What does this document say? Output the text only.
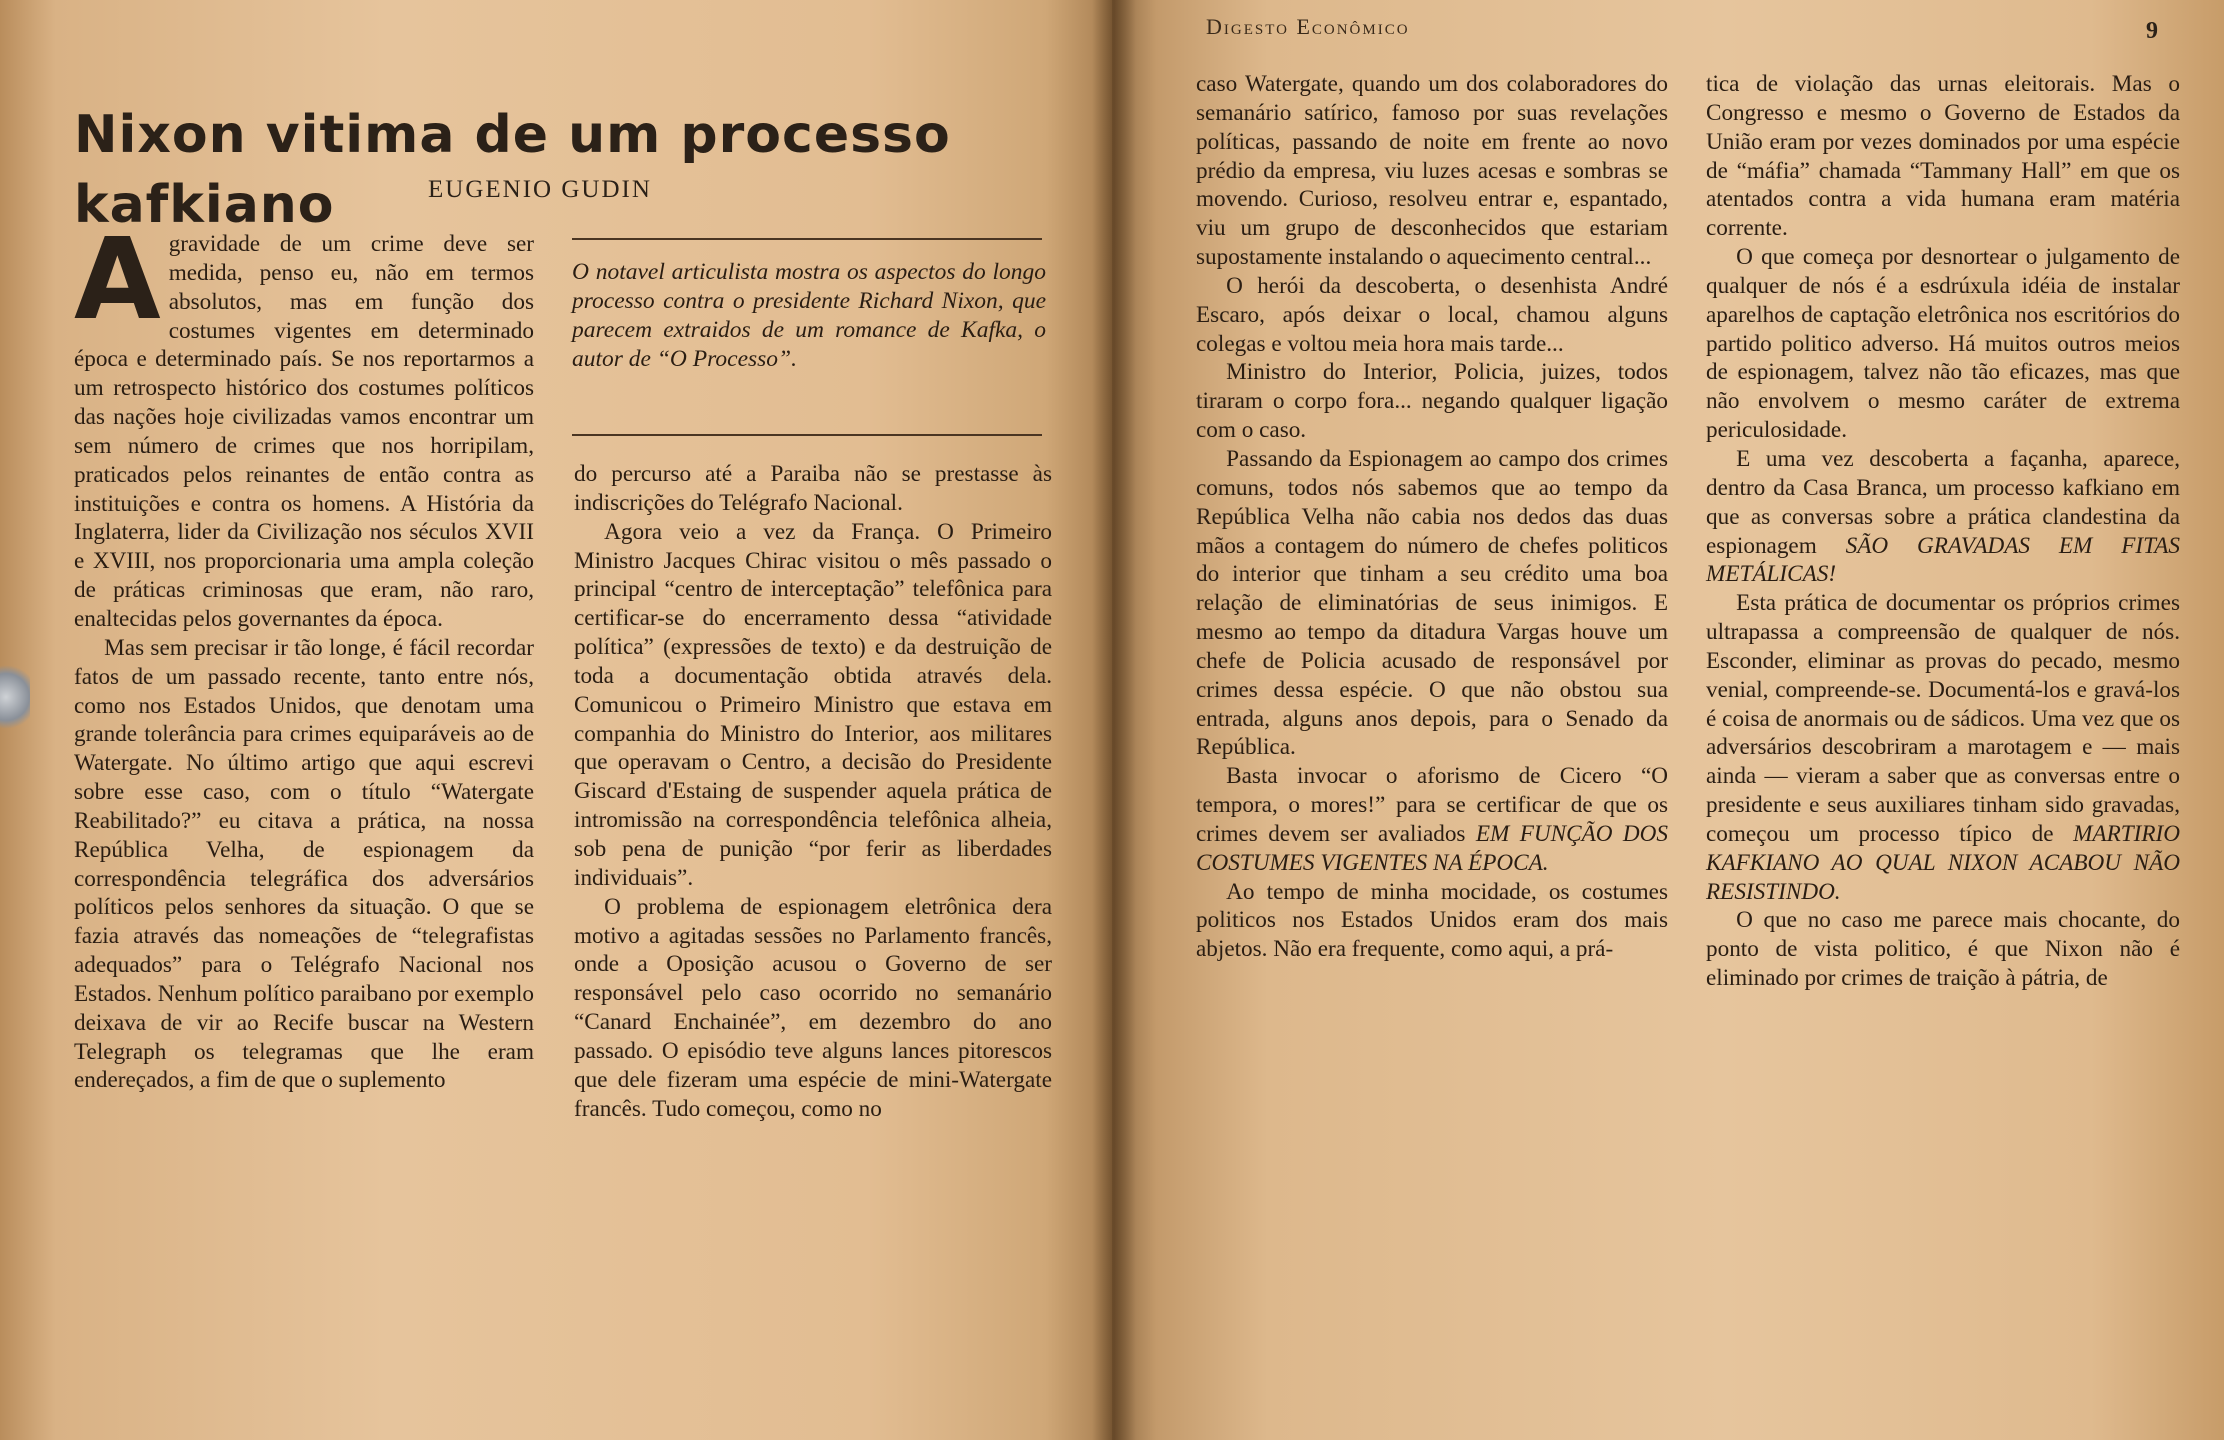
Nixon vitima de um processo kafkiano	EUGENIO GUDIN

Agravidade de um crime deve ser medida, penso eu, não em termos absolutos, mas em função dos costumes vigentes em determinado época e determinado país. Se nos reportarmos a um retrospecto histórico dos costumes políticos das nações hoje civilizadas vamos encontrar um sem número de crimes que nos horripilam, praticados pelos reinantes de então contra as instituições e contra os homens. A História da Inglaterra, lider da Civilização nos séculos XVII e XVIII, nos proporcionaria uma ampla coleção de práticas criminosas que eram, não raro, enaltecidas pelos governantes da época.

Mas sem precisar ir tão longe, é fácil recordar fatos de um passado recente, tanto entre nós, como nos Estados Unidos, que denotam uma grande tolerância para crimes equiparáveis ao de Watergate. No último artigo que aqui escrevi sobre esse caso, com o título “Watergate Reabilitado?” eu citava a prática, na nossa República Velha, de espionagem da correspondência telegráfica dos adversários políticos pelos senhores da situação. O que se fazia através das nomeações de “telegrafistas adequados” para o Telégrafo Nacional nos Estados. Nenhum político paraibano por exemplo deixava de vir ao Recife buscar na Western Telegraph os telegramas que lhe eram endereçados, a fim de que o suplemento

O notavel articulista mostra os aspectos do longo processo contra o presidente Richard Nixon, que parecem extraidos de um romance de Kafka, o autor de “O Processo”.

do percurso até a Paraiba não se prestasse às indiscrições do Telégrafo Nacional.

Agora veio a vez da França. O Primeiro Ministro Jacques Chirac visitou o mês passado o principal “centro de interceptação” telefônica para certificar-se do encerramento dessa “atividade política” (expressões de texto) e da destruição de toda a documentação obtida através dela. Comunicou o Primeiro Ministro que estava em companhia do Ministro do Interior, aos militares que operavam o Centro, a decisão do Presidente Giscard d'Estaing de suspender aquela prática de intromissão na correspondência telefônica alheia, sob pena de punição “por ferir as liberdades individuais”.

O problema de espionagem eletrônica dera motivo a agitadas sessões no Parlamento francês, onde a Oposição acusou o Governo de ser responsável pelo caso ocorrido no semanário “Canard Enchainée”, em dezembro do ano passado. O episódio teve alguns lances pitorescos que dele fizeram uma espécie de mini-Watergate francês. Tudo começou, como no

Digesto Econômico	9

caso Watergate, quando um dos colaboradores do semanário satírico, famoso por suas revelações políticas, passando de noite em frente ao novo prédio da empresa, viu luzes acesas e sombras se movendo. Curioso, resolveu entrar e, espantado, viu um grupo de desconhecidos que estariam supostamente instalando o aquecimento central...

O herói da descoberta, o desenhista André Escaro, após deixar o local, chamou alguns colegas e voltou meia hora mais tarde...

Ministro do Interior, Policia, juizes, todos tiraram o corpo fora... negando qualquer ligação com o caso.

Passando da Espionagem ao campo dos crimes comuns, todos nós sabemos que ao tempo da República Velha não cabia nos dedos das duas mãos a contagem do número de chefes politicos do interior que tinham a seu crédito uma boa relação de eliminatórias de seus inimigos. E mesmo ao tempo da ditadura Vargas houve um chefe de Policia acusado de responsável por crimes dessa espécie. O que não obstou sua entrada, alguns anos depois, para o Senado da República.

Basta invocar o aforismo de Cicero “O tempora, o mores!” para se certificar de que os crimes devem ser avaliados EM FUNÇÃO DOS COSTUMES VIGENTES NA ÉPOCA.

Ao tempo de minha mocidade, os costumes politicos nos Estados Unidos eram dos mais abjetos. Não era frequente, como aqui, a prá-

tica de violação das urnas eleitorais. Mas o Congresso e mesmo o Governo de Estados da União eram por vezes dominados por uma espécie de “máfia” chamada “Tammany Hall” em que os atentados contra a vida humana eram matéria corrente.

O que começa por desnortear o julgamento de qualquer de nós é a esdrúxula idéia de instalar aparelhos de captação eletrônica nos escritórios do partido politico adverso. Há muitos outros meios de espionagem, talvez não tão eficazes, mas que não envolvem o mesmo caráter de extrema periculosidade.

E uma vez descoberta a façanha, aparece, dentro da Casa Branca, um processo kafkiano em que as conversas sobre a prática clandestina da espionagem SÃO GRAVADAS EM FITAS METÁLICAS!

Esta prática de documentar os próprios crimes ultrapassa a compreensão de qualquer de nós. Esconder, eliminar as provas do pecado, mesmo venial, compreende-se. Documentá-los e gravá-los é coisa de anormais ou de sádicos. Uma vez que os adversários descobriram a marotagem e — mais ainda — vieram a saber que as conversas entre o presidente e seus auxiliares tinham sido gravadas, começou um processo típico de MARTIRIO KAFKIANO AO QUAL NIXON ACABOU NÃO RESISTINDO.

O que no caso me parece mais chocante, do ponto de vista politico, é que Nixon não é eliminado por crimes de traição à pátria, de
